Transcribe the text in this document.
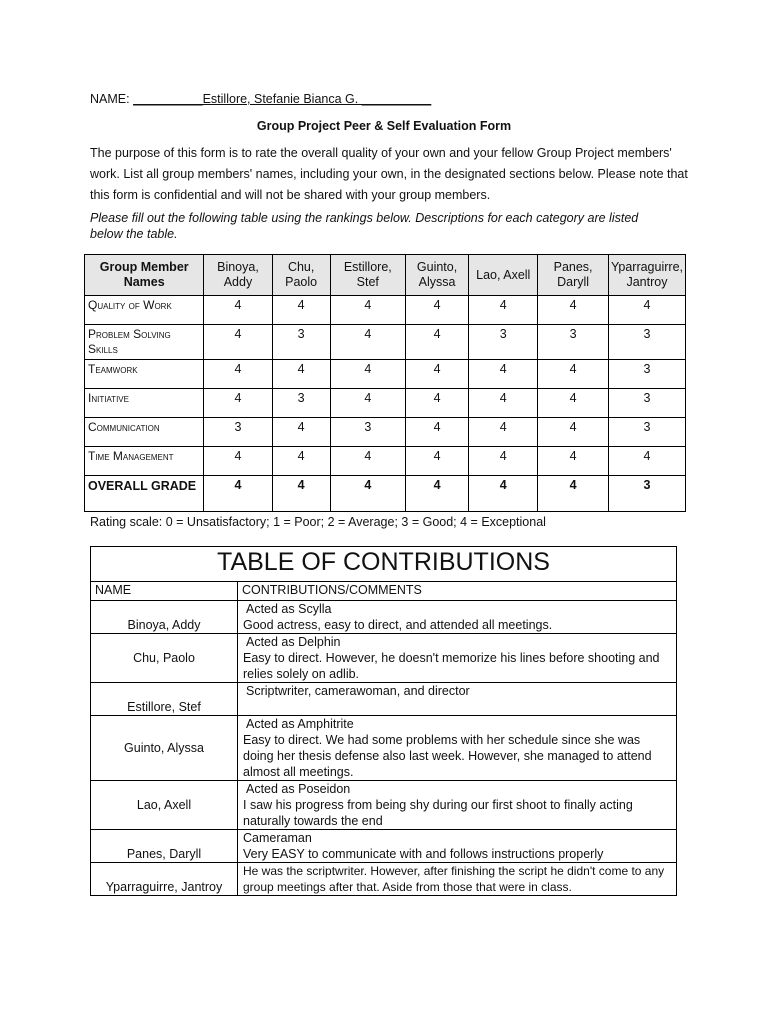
NAME: __________Estillore, Stefanie Bianca G. __________
Group Project Peer & Self Evaluation Form

The purpose of this form is to rate the overall quality of your own and your fellow Group Project members' work. List all group members' names, including your own, in the designated sections below. Please note that this form is confidential and will not be shared with your group members.

Please fill out the following table using the rankings below. Descriptions for each category are listed below the table.

Group Member Names	Binoya, Addy	Chu, Paolo	Estillore, Stef	Guinto, Alyssa	Lao, Axell	Panes, Daryll	Yparraguirre, Jantroy
Quality of Work	4	4	4	4	4	4	4
Problem Solving Skills	4	3	4	4	3	3	3
Teamwork	4	4	4	4	4	4	3
Initiative	4	3	4	4	4	4	3
Communication	3	4	3	4	4	4	3
Time Management	4	4	4	4	4	4	4
OVERALL GRADE	4	4	4	4	4	4	3
Rating scale: 0 = Unsatisfactory; 1 = Poor; 2 = Average; 3 = Good; 4 = Exceptional
TABLE OF CONTRIBUTIONS	
NAME	CONTRIBUTIONS/COMMENTS
Binoya, Addy	Acted as Scylla
Good actress, easy to direct, and attended all meetings.

Chu, Paolo	Acted as Delphin
Easy to direct. However, he doesn't memorize his lines before shooting and relies solely on adlib.

Estillore, Stef	Scriptwriter, camerawoman, and director

Guinto, Alyssa	Acted as Amphitrite
Easy to direct. We had some problems with her schedule since she was doing her thesis defense also last week. However, she managed to attend almost all meetings.

Lao, Axell	Acted as Poseidon
I saw his progress from being shy during our first shoot to finally acting naturally towards the end

Panes, Daryll	Cameraman
Very EASY to communicate with and follows instructions properly

Yparraguirre, Jantroy	He was the scriptwriter. However, after finishing the script he didn't come to any group meetings after that. Aside from those that were in class.
